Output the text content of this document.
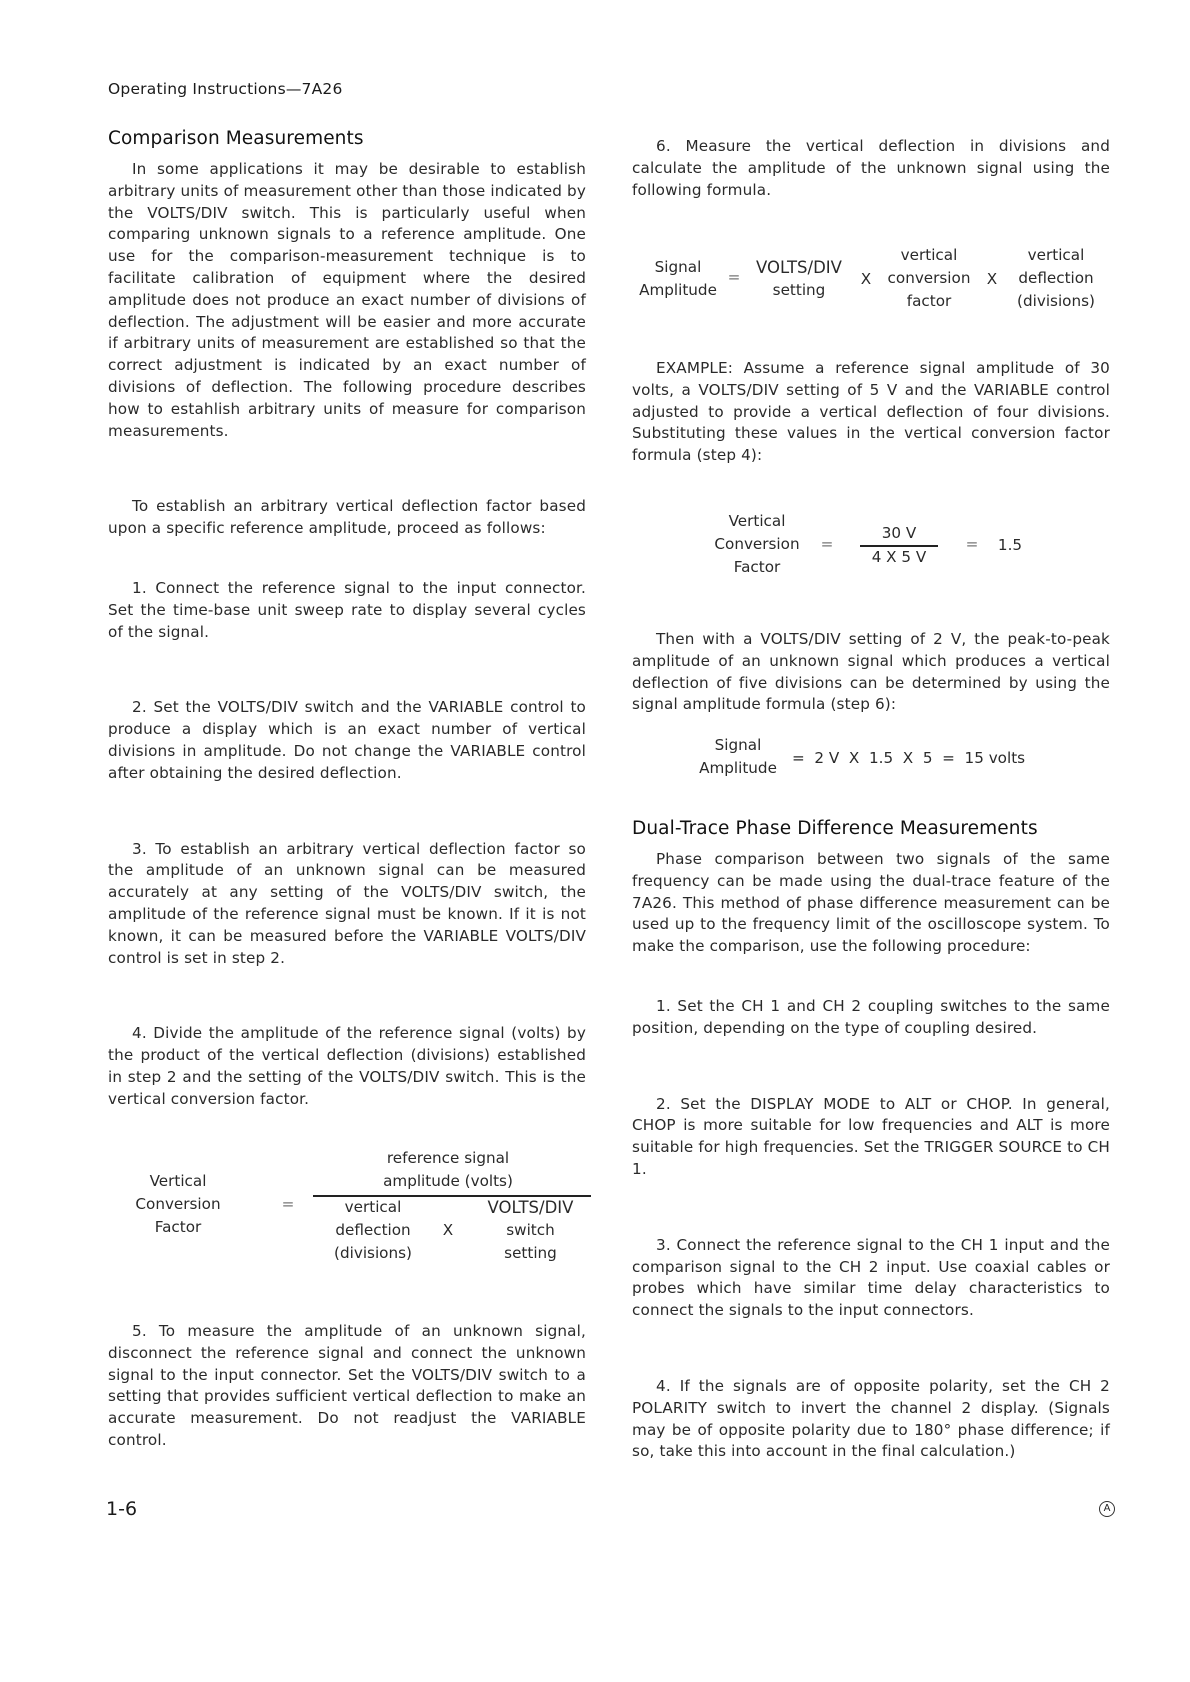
Operating Instructions—7A26
Comparison Measurements

In some applications it may be desirable to establish arbitrary units of measurement other than those indicated by the VOLTS/DIV switch. This is particularly useful when comparing unknown signals to a reference amplitude. One use for the comparison-measurement technique is to facilitate calibration of equipment where the desired amplitude does not produce an exact number of divisions of deflection. The adjustment will be easier and more accurate if arbitrary units of measurement are established so that the correct adjustment is indicated by an exact number of divisions of deflection. The following procedure describes how to estahlish arbitrary units of measure for comparison measurements.

To establish an arbitrary vertical deflection factor based upon a specific reference amplitude, proceed as follows:

1. Connect the reference signal to the input connector. Set the time-base unit sweep rate to display several cycles of the signal.

2. Set the VOLTS/DIV switch and the VARIABLE control to produce a display which is an exact number of vertical divisions in amplitude. Do not change the VARIABLE control after obtaining the desired deflection.

3. To establish an arbitrary vertical deflection factor so the amplitude of an unknown signal can be measured accurately at any setting of the VOLTS/DIV switch, the amplitude of the reference signal must be known. If it is not known, it can be measured before the VARIABLE VOLTS/DIV control is set in step 2.

4. Divide the amplitude of the reference signal (volts) by the product of the vertical deflection (divisions) established in step 2 and the setting of the VOLTS/DIV switch. This is the vertical conversion factor.

Vertical
Conversion
Factor
=
reference signal
amplitude (volts)
vertical
deflection
(divisions)
X
VOLTS/DIV
switch
setting

5. To measure the amplitude of an unknown signal, disconnect the reference signal and connect the unknown signal to the input connector. Set the VOLTS/DIV switch to a setting that provides sufficient vertical deflection to make an accurate measurement. Do not readjust the VARIABLE control.

6. Measure the vertical deflection in divisions and calculate the amplitude of the unknown signal using the following formula.

Signal
Amplitude
= VOLTS/DIV
setting
X
vertical
conversion
factor
X
vertical
deflection
(divisions)

EXAMPLE: Assume a reference signal amplitude of 30 volts, a VOLTS/DIV setting of 5 V and the VARIABLE control adjusted to provide a vertical deflection of four divisions. Substituting these values in the vertical conversion factor formula (step 4):

Vertical
Conversion
Factor
=
30 V
4 X 5 V
=	1.5

Then with a VOLTS/DIV setting of 2 V, the peak-to-peak amplitude of an unknown signal which produces a vertical deflection of five divisions can be determined by using the signal amplitude formula (step 6):

Signal
Amplitude
=  2 V  X  1.5  X  5  =  15 volts
Dual-Trace Phase Difference Measurements

Phase comparison between two signals of the same frequency can be made using the dual-trace feature of the 7A26. This method of phase difference measurement can be used up to the frequency limit of the oscilloscope system. To make the comparison, use the following procedure:

1. Set the CH 1 and CH 2 coupling switches to the same position, depending on the type of coupling desired.

2. Set the DISPLAY MODE to ALT or CHOP. In general, CHOP is more suitable for low frequencies and ALT is more suitable for high frequencies. Set the TRIGGER SOURCE to CH 1.

3. Connect the reference signal to the CH 1 input and the comparison signal to the CH 2 input. Use coaxial cables or probes which have similar time delay characteristics to connect the signals to the input connectors.

4. If the signals are of opposite polarity, set the CH 2 POLARITY switch to invert the channel 2 display. (Signals may be of opposite polarity due to 180° phase difference; if so, take this into account in the final calculation.)

1-6	A
